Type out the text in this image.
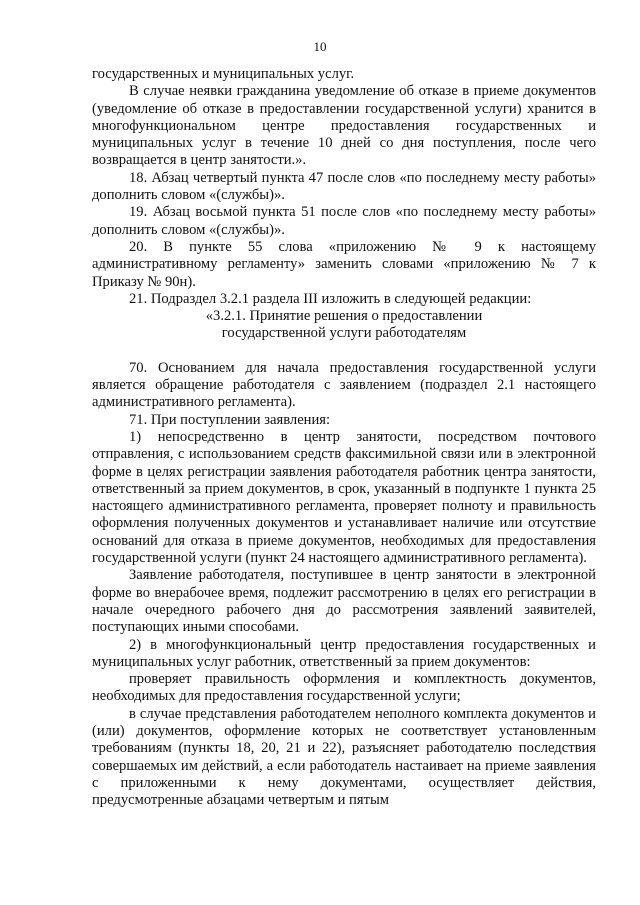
10

государственных и муниципальных услуг.

В случае неявки гражданина уведомление об отказе в приеме документов (уведомление об отказе в предоставлении государственной услуги) хранится в многофункциональном центре предоставления государственных и муниципальных услуг в течение 10 дней со дня поступления, после чего возвращается в центр занятости.».

18. Абзац четвертый пункта 47 после слов «по последнему месту работы» дополнить словом «(службы)».

19. Абзац восьмой пункта 51 после слов «по последнему месту работы» дополнить словом «(службы)».

20. В пункте 55 слова «приложению № 9 к настоящему административному регламенту» заменить словами «приложению № 7 к Приказу № 90н).

21. Подраздел 3.2.1 раздела III изложить в следующей редакции:

«3.2.1. Принятие решения о предоставлении

государственной услуги работодателям

70. Основанием для начала предоставления государственной услуги является обращение работодателя с заявлением (подраздел 2.1 настоящего административного регламента).

71. При поступлении заявления:

1) непосредственно в центр занятости, посредством почтового отправления, с использованием средств факсимильной связи или в электронной форме в целях регистрации заявления работодателя работник центра занятости, ответственный за прием документов, в срок, указанный в подпункте 1 пункта 25 настоящего административного регламента, проверяет полноту и правильность оформления полученных документов и устанавливает наличие или отсутствие оснований для отказа в приеме документов, необходимых для предоставления государственной услуги (пункт 24 настоящего административного регламента).

Заявление работодателя, поступившее в центр занятости в электронной форме во внерабочее время, подлежит рассмотрению в целях его регистрации в начале очередного рабочего дня до рассмотрения заявлений заявителей, поступающих иными способами.

2) в многофункциональный центр предоставления государственных и муниципальных услуг работник, ответственный за прием документов:

проверяет правильность оформления и комплектность документов, необходимых для предоставления государственной услуги;

в случае представления работодателем неполного комплекта документов и (или) документов, оформление которых не соответствует установленным требованиям (пункты 18, 20, 21 и 22), разъясняет работодателю последствия совершаемых им действий, а если работодатель настаивает на приеме заявления с приложенными к нему документами, осуществляет действия, предусмотренные абзацами четвертым и пятым
